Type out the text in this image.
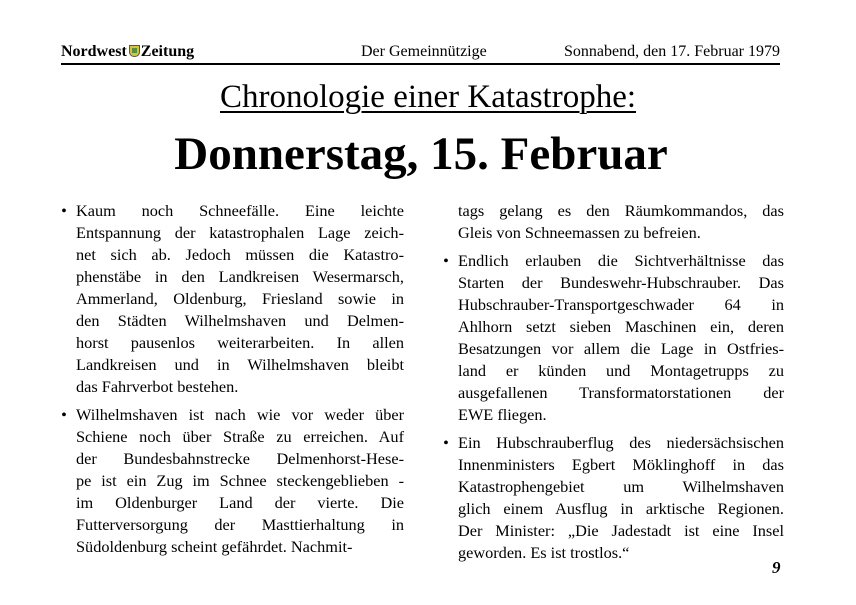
Nordwest Zeitung	Der Gemeinnützige	Sonnabend, den 17. Februar 1979
Chronologie einer Katastrophe:
Donnerstag, 15. Februar
• Kaum noch Schneefälle. Eine leichte
Entspannung der katastrophalen Lage zeich-
net sich ab. Jedoch müssen die Katastro-
phenstäbe in den Landkreisen Wesermarsch,
Ammerland, Oldenburg, Friesland sowie in
den Städten Wilhelmshaven und Delmen-
horst pausenlos weiterarbeiten. In allen
Landkreisen und in Wilhelmshaven bleibt
das Fahrverbot bestehen.
• Wilhelmshaven ist nach wie vor weder über
Schiene noch über Straße zu erreichen. Auf
der Bundesbahnstrecke Delmenhorst-Hese-
pe ist ein Zug im Schnee steckengeblieben -
im Oldenburger Land der vierte. Die
Futterversorgung der Masttierhaltung in
Südoldenburg scheint gefährdet. Nachmit-
tags gelang es den Räumkommandos, das
Gleis von Schneemassen zu befreien.
• Endlich erlauben die Sichtverhältnisse das
Starten der Bundeswehr-Hubschrauber. Das
Hubschrauber-Transportgeschwader 64 in
Ahlhorn setzt sieben Maschinen ein, deren
Besatzungen vor allem die Lage in Ostfries-
land er künden und Montagetrupps zu
ausgefallenen Transformatorstationen der
EWE fliegen.
• Ein Hubschrauberflug des niedersächsischen
Innenministers Egbert Möklinghoff in das
Katastrophengebiet um Wilhelmshaven
glich einem Ausflug in arktische Regionen.
Der Minister: „Die Jadestadt ist eine Insel
geworden. Es ist trostlos.“
9
